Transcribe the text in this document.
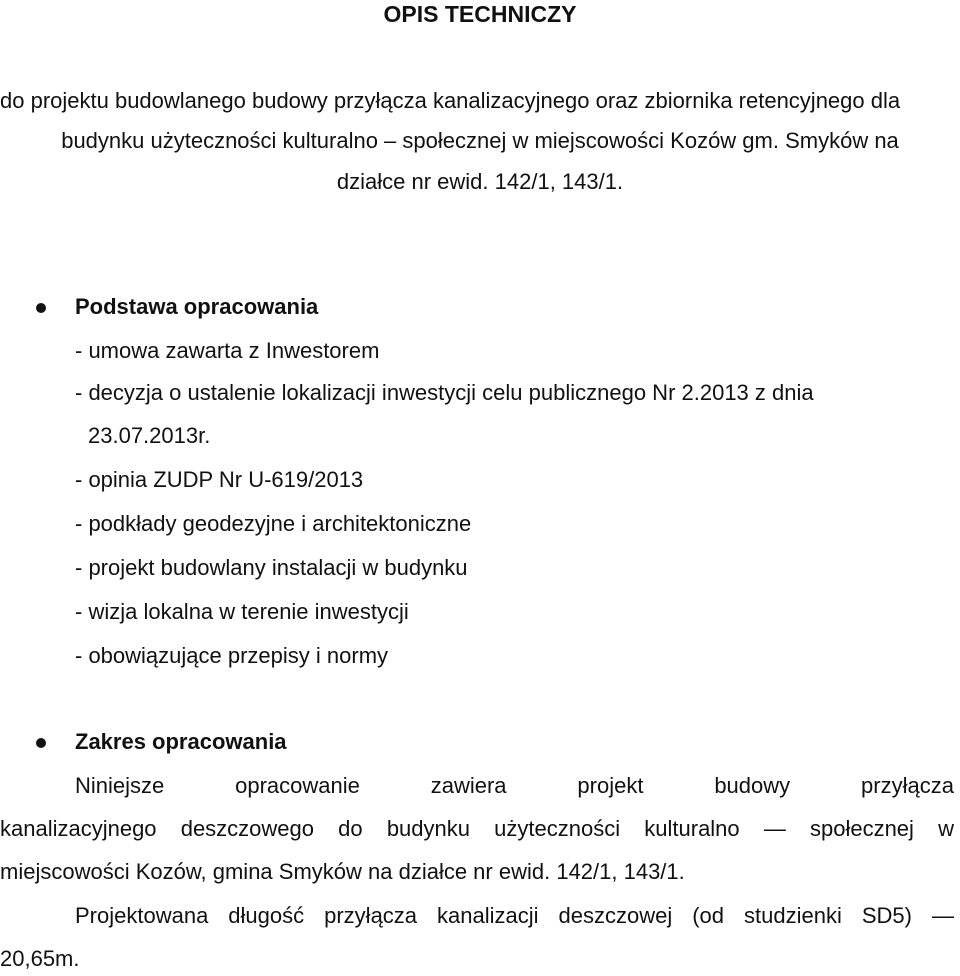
OPIS TECHNICZY

do projektu budowlanego budowy przyłącza kanalizacyjnego oraz zbiornika retencyjnego dla

budynku użyteczności kulturalno – społecznej w miejscowości Kozów gm. Smyków na

działce nr ewid. 142/1, 143/1.

Podstawa opracowania

- umowa zawarta z Inwestorem

- decyzja o ustalenie lokalizacji inwestycji celu publicznego Nr 2.2013 z dnia

23.07.2013r.

- opinia ZUDP Nr U-619/2013

- podkłady geodezyjne i architektoniczne

- projekt budowlany instalacji w budynku

- wizja lokalna w terenie inwestycji

- obowiązujące przepisy i normy

Zakres opracowania

Niniejsze	opracowanie	zawiera	projekt	budowy	przyłącza
kanalizacyjnego deszczowego do budynku użyteczności kulturalno — społecznej w

miejscowości Kozów, gmina Smyków na działce nr ewid. 142/1, 143/1.

Projektowana długość przyłącza kanalizacji deszczowej (od studzienki SD5) —

20,65m.
